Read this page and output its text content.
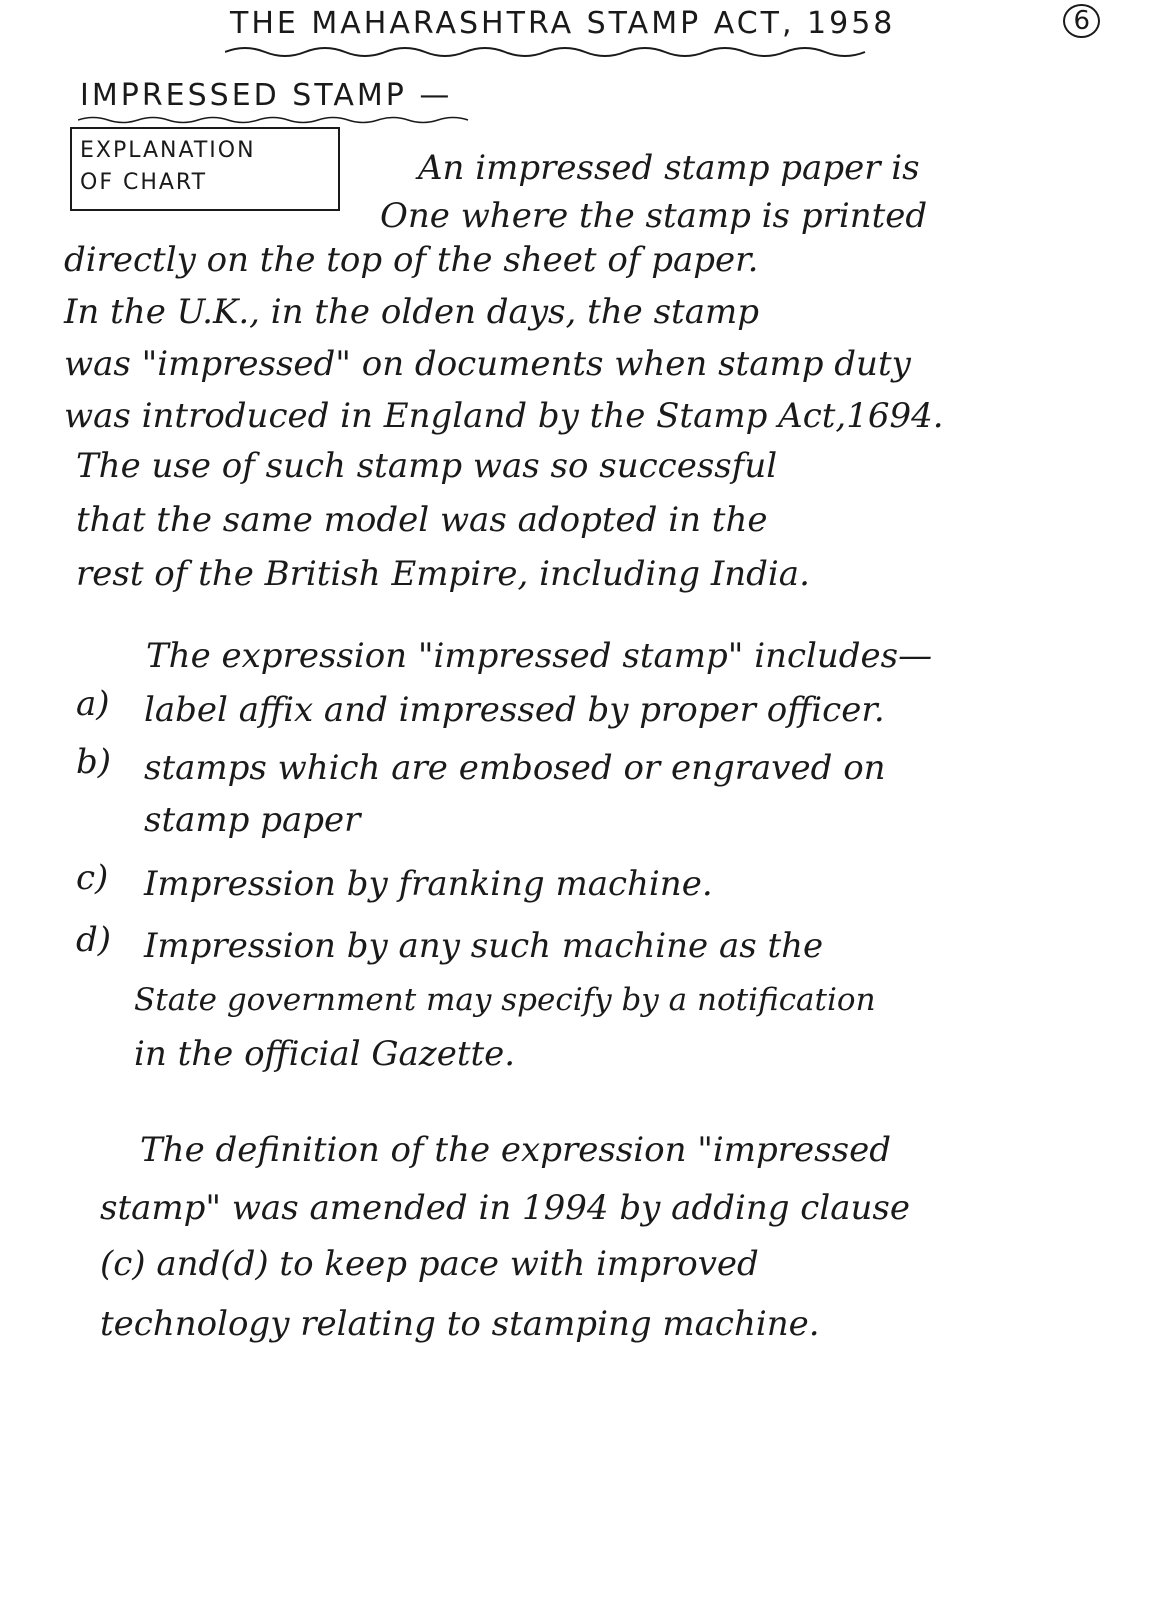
THE MAHARASHTRA STAMP ACT, 1958	6
IMPRESSED STAMP —
EXPLANATION
OF CHART	An impressed stamp paper is
One where the stamp is printed
directly on the top of the sheet of paper.
In the U.K., in the olden days, the stamp
was "impressed" on documents when stamp duty
was introduced in England by the Stamp Act,1694.
The use of such stamp was so successful
that the same model was adopted in the
rest of the British Empire, including India.
The expression "impressed stamp" includes—
a) label affix and impressed by proper officer.
b) stamps which are embosed or engraved on
stamp paper
c) Impression by franking machine.
d) Impression by any such machine as the
State government may specify by a notification
in the official Gazette.
The definition of the expression "impressed
stamp" was amended in 1994 by adding clause
(c) and(d) to keep pace with improved
technology relating to stamping machine.
